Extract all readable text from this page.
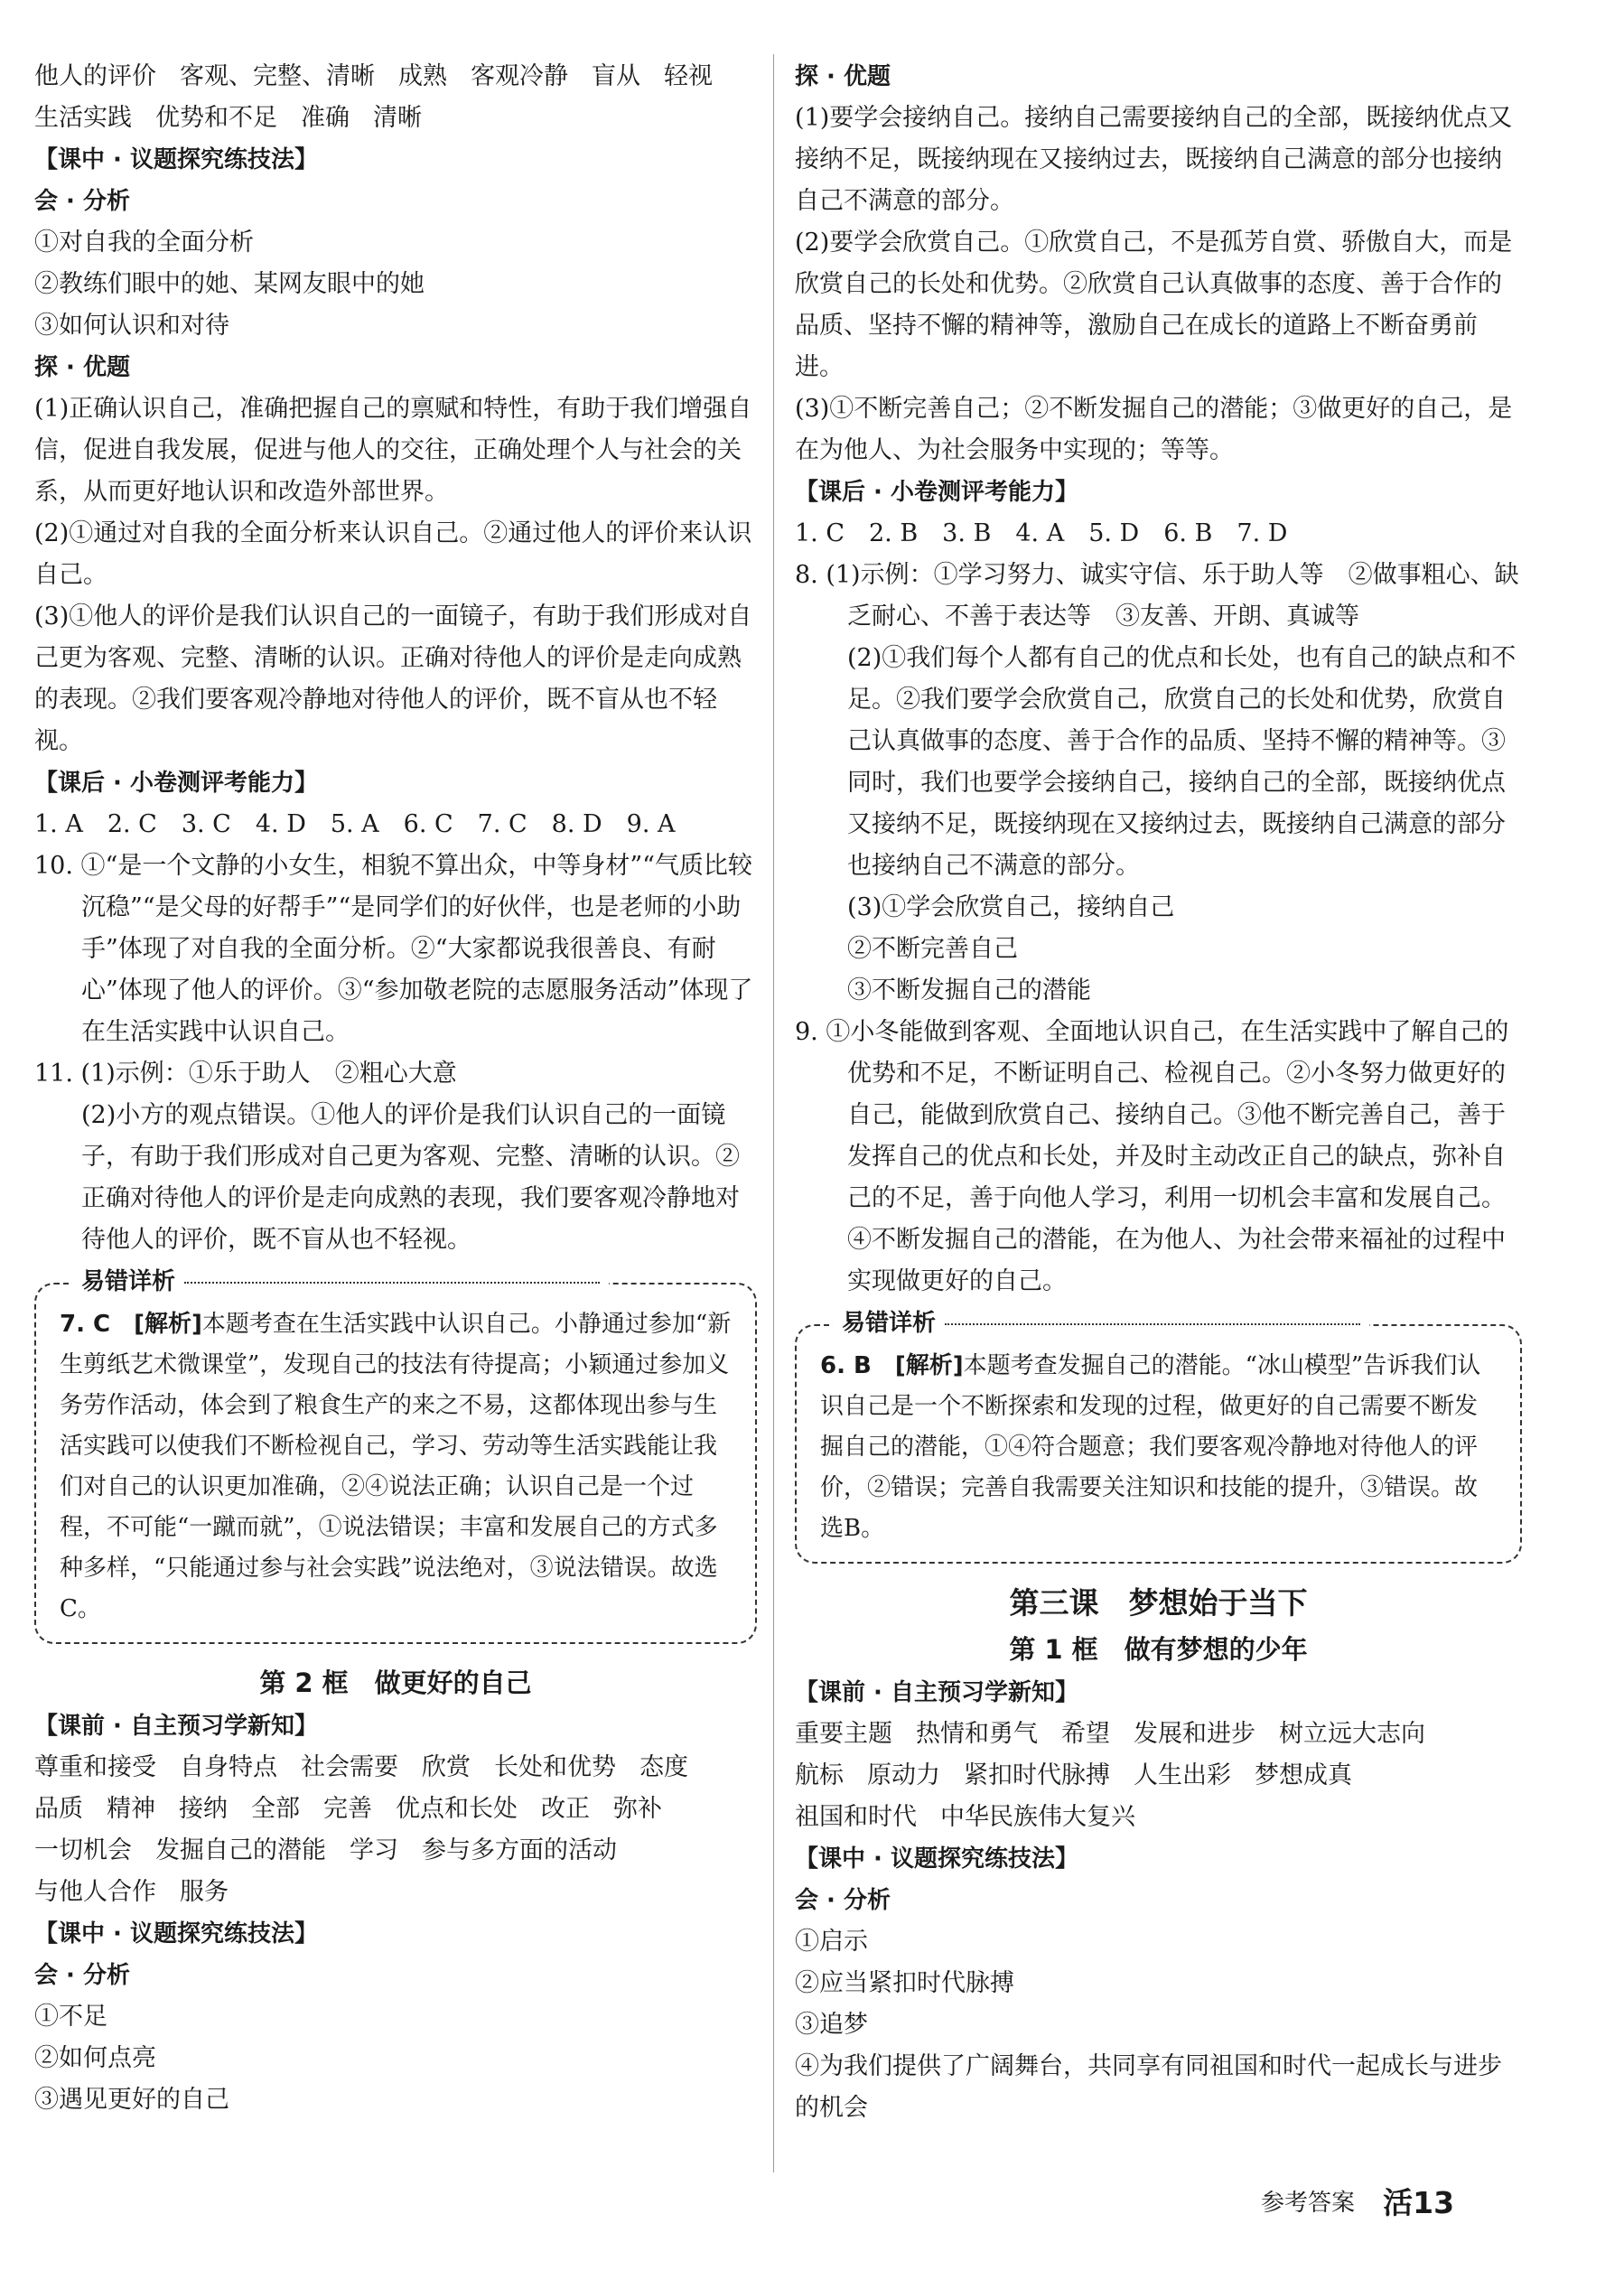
他人的评价 客观、完整、清晰 成熟 客观冷静 盲从 轻视

生活实践 优势和不足 准确 清晰

【课中 · 议题探究练技法】

会 · 分析

①对自我的全面分析

②教练们眼中的她、某网友眼中的她

③如何认识和对待

探 · 优题

(1)正确认识自己，准确把握自己的禀赋和特性，有助于我们增强自信，促进自我发展，促进与他人的交往，正确处理个人与社会的关系，从而更好地认识和改造外部世界。

(2)①通过对自我的全面分析来认识自己。②通过他人的评价来认识自己。

(3)①他人的评价是我们认识自己的一面镜子，有助于我们形成对自己更为客观、完整、清晰的认识。正确对待他人的评价是走向成熟的表现。②我们要客观冷静地对待他人的评价，既不盲从也不轻视。

【课后 · 小卷测评考能力】

1. A　2. C　3. C　4. D　5. A　6. C　7. C　8. D　9. A

10. ①“是一个文静的小女生，相貌不算出众，中等身材”“气质比较沉稳”“是父母的好帮手”“是同学们的好伙伴，也是老师的小助手”体现了对自我的全面分析。②“大家都说我很善良、有耐心”体现了他人的评价。③“参加敬老院的志愿服务活动”体现了在生活实践中认识自己。

11. (1)示例：①乐于助人　②粗心大意

(2)小方的观点错误。①他人的评价是我们认识自己的一面镜子，有助于我们形成对自己更为客观、完整、清晰的认识。②正确对待他人的评价是走向成熟的表现，我们要客观冷静地对待他人的评价，既不盲从也不轻视。

易错详析

7. C　 [解析]本题考查在生活实践中认识自己。小静通过参加“新生剪纸艺术微课堂”，发现自己的技法有待提高；小颖通过参加义务劳作活动，体会到了粮食生产的来之不易，这都体现出参与生活实践可以使我们不断检视自己，学习、劳动等生活实践能让我们对自己的认识更加准确，②④说法正确；认识自己是一个过程，不可能“一蹴而就”，①说法错误；丰富和发展自己的方式多种多样，“只能通过参与社会实践”说法绝对，③说法错误。故选C。

第 2 框　做更好的自己

【课前 · 自主预习学新知】

尊重和接受 自身特点 社会需要 欣赏 长处和优势 态度

品质 精神 接纳 全部 完善 优点和长处 改正 弥补

一切机会 发掘自己的潜能 学习 参与多方面的活动

与他人合作 服务

【课中 · 议题探究练技法】

会 · 分析

①不足

②如何点亮

③遇见更好的自己

探 · 优题

(1)要学会接纳自己。接纳自己需要接纳自己的全部，既接纳优点又接纳不足，既接纳现在又接纳过去，既接纳自己满意的部分也接纳自己不满意的部分。

(2)要学会欣赏自己。①欣赏自己，不是孤芳自赏、骄傲自大，而是欣赏自己的长处和优势。②欣赏自己认真做事的态度、善于合作的品质、坚持不懈的精神等，激励自己在成长的道路上不断奋勇前进。

(3)①不断完善自己；②不断发掘自己的潜能；③做更好的自己，是在为他人、为社会服务中实现的；等等。

【课后 · 小卷测评考能力】

1. C　2. B　3. B　4. A　5. D　6. B　7. D

8. (1)示例：①学习努力、诚实守信、乐于助人等　②做事粗心、缺乏耐心、不善于表达等　③友善、开朗、真诚等

(2)①我们每个人都有自己的优点和长处，也有自己的缺点和不足。②我们要学会欣赏自己，欣赏自己的长处和优势，欣赏自己认真做事的态度、善于合作的品质、坚持不懈的精神等。③同时，我们也要学会接纳自己，接纳自己的全部，既接纳优点又接纳不足，既接纳现在又接纳过去，既接纳自己满意的部分也接纳自己不满意的部分。

(3)①学会欣赏自己，接纳自己

②不断完善自己

③不断发掘自己的潜能

9. ①小冬能做到客观、全面地认识自己，在生活实践中了解自己的优势和不足，不断证明自己、检视自己。②小冬努力做更好的自己，能做到欣赏自己、接纳自己。③他不断完善自己，善于发挥自己的优点和长处，并及时主动改正自己的缺点，弥补自己的不足，善于向他人学习，利用一切机会丰富和发展自己。④不断发掘自己的潜能，在为他人、为社会带来福祉的过程中实现做更好的自己。

易错详析

6. B　 [解析]本题考查发掘自己的潜能。“冰山模型”告诉我们认识自己是一个不断探索和发现的过程，做更好的自己需要不断发掘自己的潜能，①④符合题意；我们要客观冷静地对待他人的评价，②错误；完善自我需要关注知识和技能的提升，③错误。故选B。

第三课　梦想始于当下

第 1 框　做有梦想的少年

【课前 · 自主预习学新知】

重要主题 热情和勇气 希望 发展和进步 树立远大志向

航标 原动力 紧扣时代脉搏 人生出彩 梦想成真

祖国和时代 中华民族伟大复兴

【课中 · 议题探究练技法】

会 · 分析

①启示

②应当紧扣时代脉搏

③追梦

④为我们提供了广阔舞台，共同享有同祖国和时代一起成长与进步的机会

参考答案 活13
